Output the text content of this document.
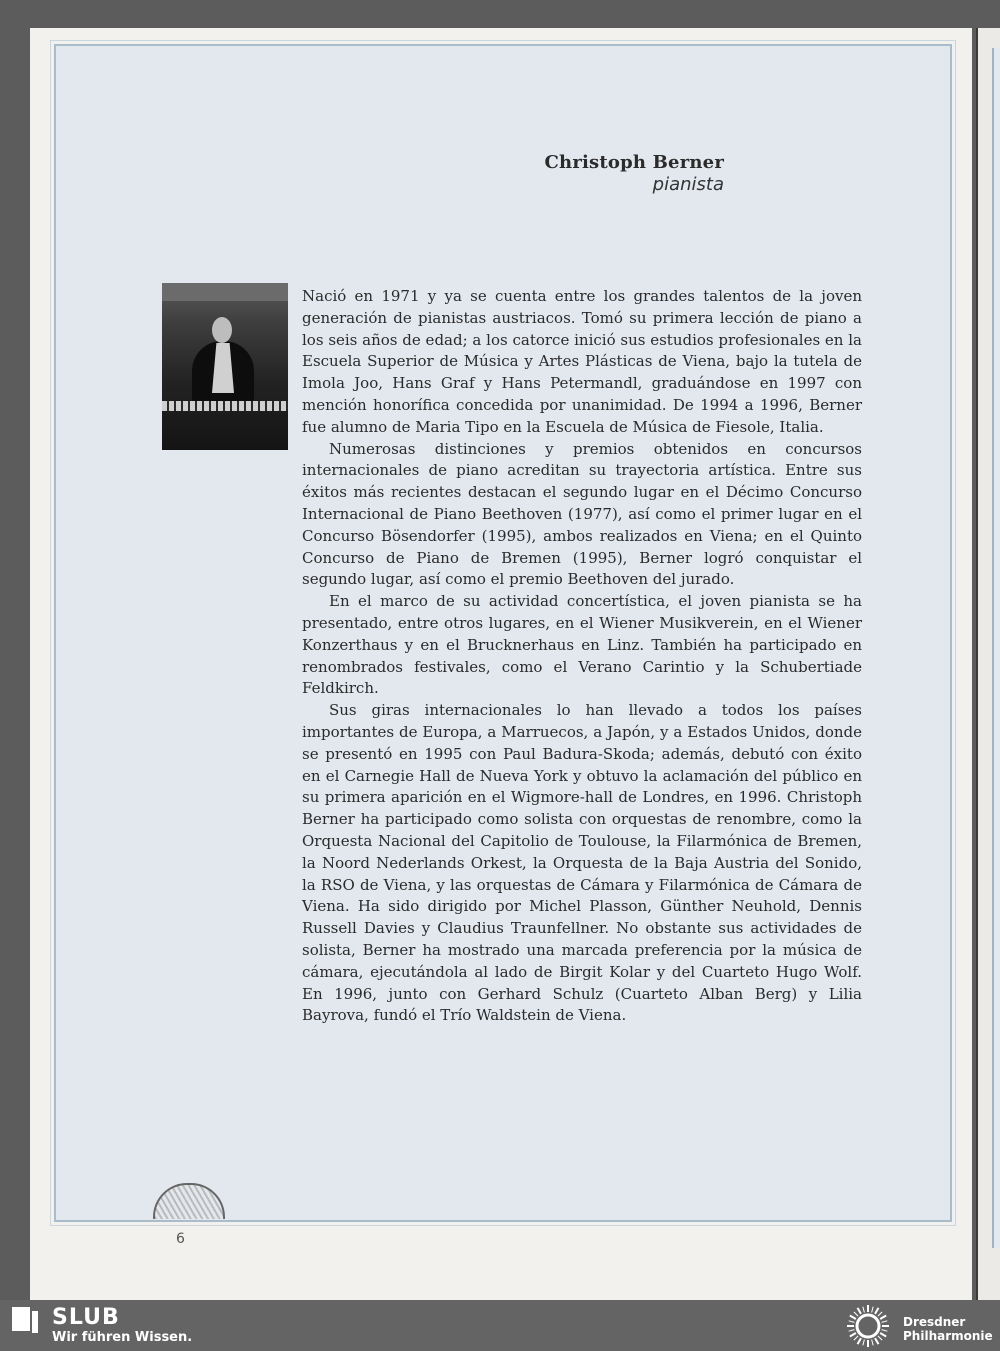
Christoph Berner
pianista

Nació en 1971 y ya se cuenta entre los grandes talentos de la joven generación de pianistas austriacos. Tomó su primera lección de piano a los seis años de edad; a los catorce inició sus estudios profesionales en la Escuela Superior de Música y Artes Plásticas de Viena, bajo la tutela de Imola Joo, Hans Graf y Hans Petermandl, graduándose en 1997 con mención honorífica concedida por unanimidad. De 1994 a 1996, Berner fue alumno de Maria Tipo en la Escuela de Música de Fiesole, Italia.

Numerosas distinciones y premios obtenidos en concursos internacionales de piano acreditan su trayectoria artística. Entre sus éxitos más recientes destacan el segundo lugar en el Décimo Concurso Internacional de Piano Beethoven (1977), así como el primer lugar en el Concurso Bösendorfer (1995), ambos realizados en Viena; en el Quinto Concurso de Piano de Bremen (1995), Berner logró conquistar el segundo lugar, así como el premio Beethoven del jurado.

En el marco de su actividad concertística, el joven pianista se ha presentado, entre otros lugares, en el Wiener Musikverein, en el Wiener Konzerthaus y en el Brucknerhaus en Linz. También ha participado en renombrados festivales, como el Verano Carintio y la Schubertiade Feldkirch.

Sus giras internacionales lo han llevado a todos los países importantes de Europa, a Marruecos, a Japón, y a Estados Unidos, donde se presentó en 1995 con Paul Badura-Skoda; además, debutó con éxito en el Carnegie Hall de Nueva York y obtuvo la aclamación del público en su primera aparición en el Wigmore-hall de Londres, en 1996. Christoph Berner ha participado como solista con orquestas de renombre, como la Orquesta Nacional del Capitolio de Toulouse, la Filarmónica de Bremen, la Noord Nederlands Orkest, la Orquesta de la Baja Austria del Sonido, la RSO de Viena, y las orquestas de Cámara y Filarmónica de Cámara de Viena. Ha sido dirigido por Michel Plasson, Günther Neuhold, Dennis Russell Davies y Claudius Traunfellner. No obstante sus actividades de solista, Berner ha mostrado una marcada preferencia por la música de cámara, ejecutándola al lado de Birgit Kolar y del Cuarteto Hugo Wolf. En 1996, junto con Gerhard Schulz (Cuarteto Alban Berg) y Lilia Bayrova, fundó el Trío Waldstein de Viena.

6
SLUB
Wir führen Wissen.
Dresdner
Philharmonie
